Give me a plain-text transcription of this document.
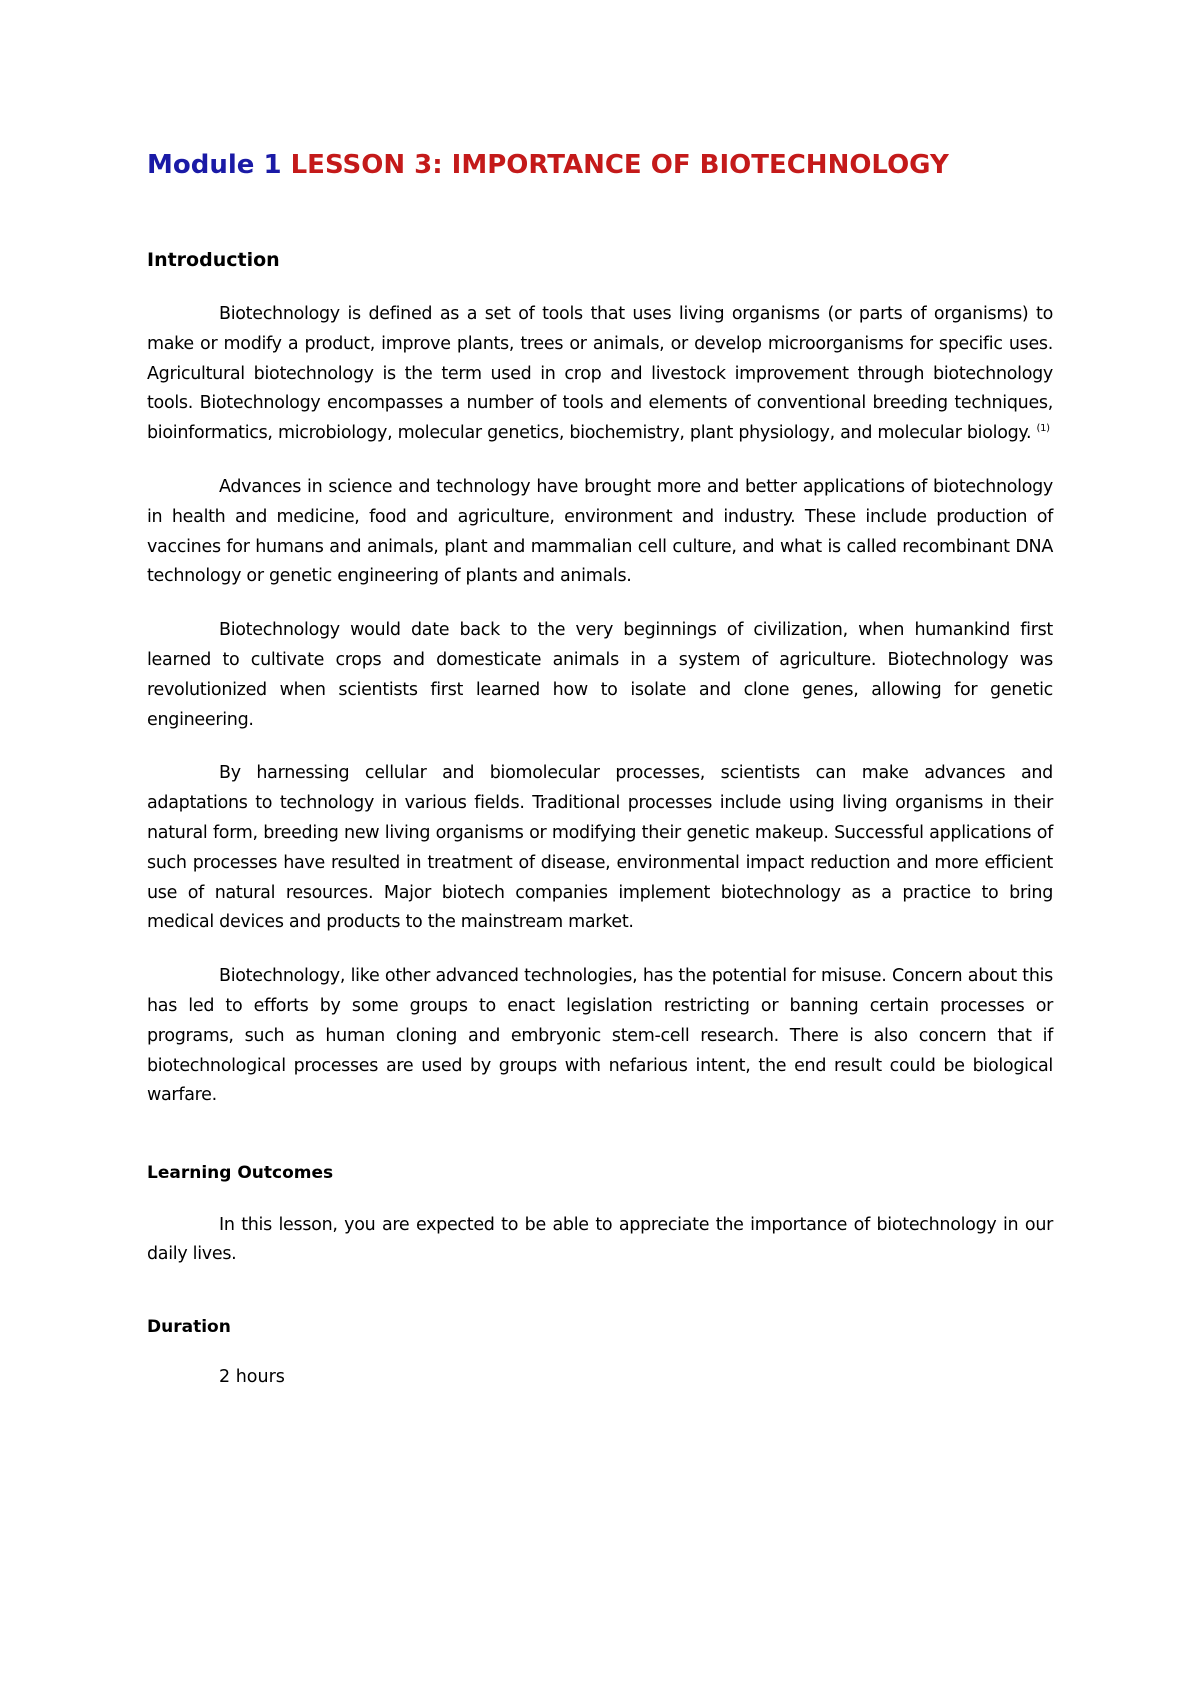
Module 1 LESSON 3: IMPORTANCE OF BIOTECHNOLOGY
Introduction

Biotechnology is defined as a set of tools that uses living organisms (or parts of organisms) to make or modify a product, improve plants, trees or animals, or develop microorganisms for specific uses. Agricultural biotechnology is the term used in crop and livestock improvement through biotechnology tools. Biotechnology encompasses a number of tools and elements of conventional breeding techniques, bioinformatics, microbiology, molecular genetics, biochemistry, plant physiology, and molecular biology. $^{(1)}$

Advances in science and technology have brought more and better applications of biotechnology in health and medicine, food and agriculture, environment and industry. These include production of vaccines for humans and animals, plant and mammalian cell culture, and what is called recombinant DNA technology or genetic engineering of plants and animals.

Biotechnology would date back to the very beginnings of civilization, when humankind first learned to cultivate crops and domesticate animals in a system of agriculture. Biotechnology was revolutionized when scientists first learned how to isolate and clone genes, allowing for genetic engineering.

By harnessing cellular and biomolecular processes, scientists can make advances and adaptations to technology in various fields. Traditional processes include using living organisms in their natural form, breeding new living organisms or modifying their genetic makeup. Successful applications of such processes have resulted in treatment of disease, environmental impact reduction and more efficient use of natural resources. Major biotech companies implement biotechnology as a practice to bring medical devices and products to the mainstream market.

Biotechnology, like other advanced technologies, has the potential for misuse. Concern about this has led to efforts by some groups to enact legislation restricting or banning certain processes or programs, such as human cloning and embryonic stem-cell research. There is also concern that if biotechnological processes are used by groups with nefarious intent, the end result could be biological warfare.

Learning Outcomes

In this lesson, you are expected to be able to appreciate the importance of biotechnology in our daily lives.

Duration
2 hours
